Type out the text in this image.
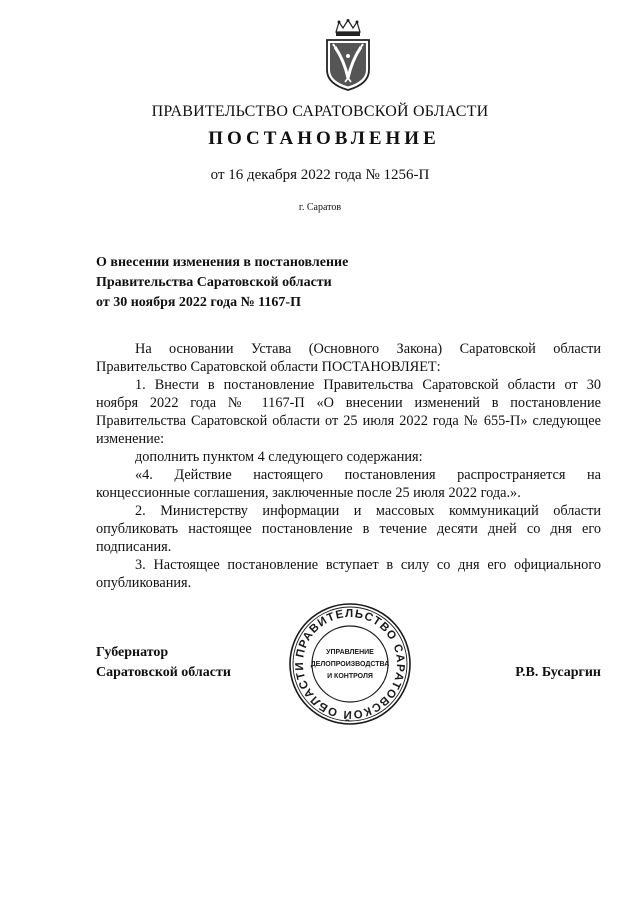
ПРАВИТЕЛЬСТВО САРАТОВСКОЙ ОБЛАСТИ
ПОСТАНОВЛЕНИЕ
от 16 декабря 2022 года № 1256-П
г. Саратов
О внесении изменения в постановление
Правительства Саратовской области
от 30 ноября 2022 года № 1167-П

На основании Устава (Основного Закона) Саратовской области Правительство Саратовской области ПОСТАНОВЛЯЕТ:

1. Внести в постановление Правительства Саратовской области от 30 ноября 2022 года № 1167-П «О внесении изменений в постановление Правительства Саратовской области от 25 июля 2022 года № 655-П» следующее изменение:

дополнить пунктом 4 следующего содержания:

«4. Действие настоящего постановления распространяется на концессионные соглашения, заключенные после 25 июля 2022 года.».

2. Министерству информации и массовых коммуникаций области опубликовать настоящее постановление в течение десяти дней со дня его подписания.

3. Настоящее постановление вступает в силу со дня его официального опубликования.

Губернатор
Саратовской области	Р.В. Бусаргин
ПРАВИТЕЛЬСТВО САРАТОВСКОЙ ОБЛАСТИ
УПРАВЛЕНИЕ
ДЕЛОПРОИЗВОДСТВА
И КОНТРОЛЯ
